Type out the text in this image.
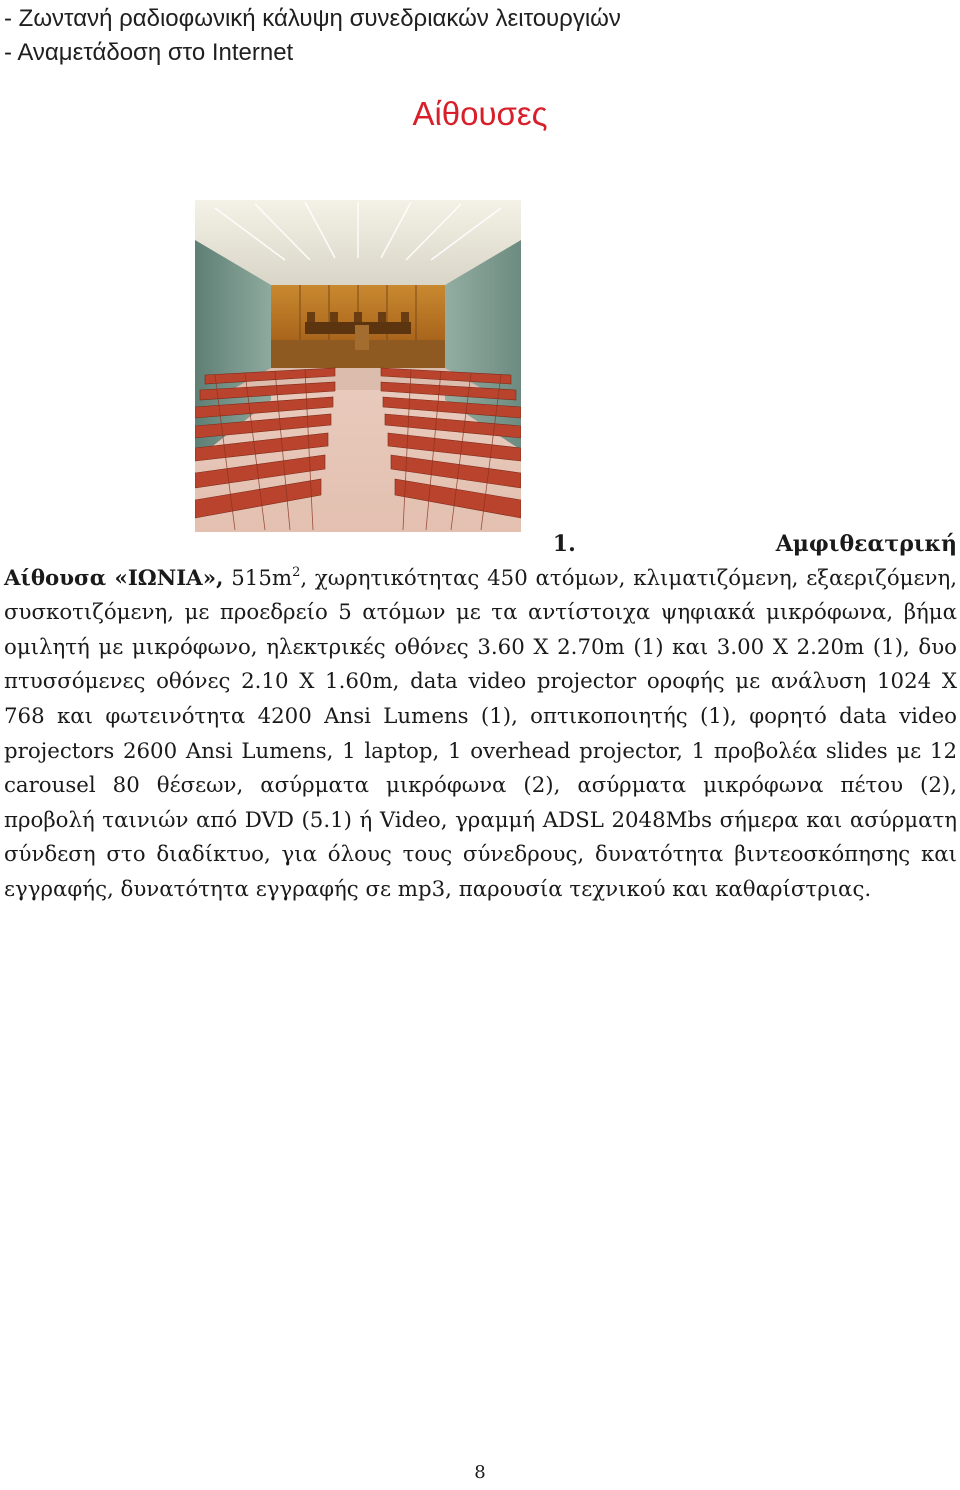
- Ζωντανή ραδιοφωνική κάλυψη συνεδριακών λειτουργιών
- Αναμετάδοση στο Internet
Αίθουσες
1.	Αμφιθεατρική
Αίθουσα «ΙΩΝΙΑ», $515m^2$, χωρητικότητας 450 ατόμων, κλιματιζόμενη, εξαεριζόμενη, συσκοτιζόμενη, με προεδρείο 5 ατόμων με τα αντίστοιχα ψηφιακά μικρόφωνα, βήμα ομιλητή με μικρόφωνο, ηλεκτρικές οθόνες 3.60 Χ 2.70m (1) και 3.00 Χ 2.20m (1), δυο πτυσσόμενες οθόνες 2.10 Χ 1.60m, data video projector οροφής με ανάλυση 1024 Χ 768 και φωτεινότητα 4200 Ansi Lumens (1), οπτικοποιητής (1), φορητό data video projectors 2600 Ansi Lumens, 1 laptop, 1 overhead projector, 1 προβολέα slides με 12 carousel 80 θέσεων, ασύρματα μικρόφωνα (2), ασύρματα μικρόφωνα πέτου (2), προβολή ταινιών από DVD (5.1) ή Video, γραμμή ADSL 2048Mbs σήμερα και ασύρματη σύνδεση στο διαδίκτυο, για όλους τους σύνεδρους, δυνατότητα βιντεοσκόπησης και εγγραφής, δυνατότητα εγγραφής σε mp3, παρουσία τεχνικού και καθαρίστριας.
8
